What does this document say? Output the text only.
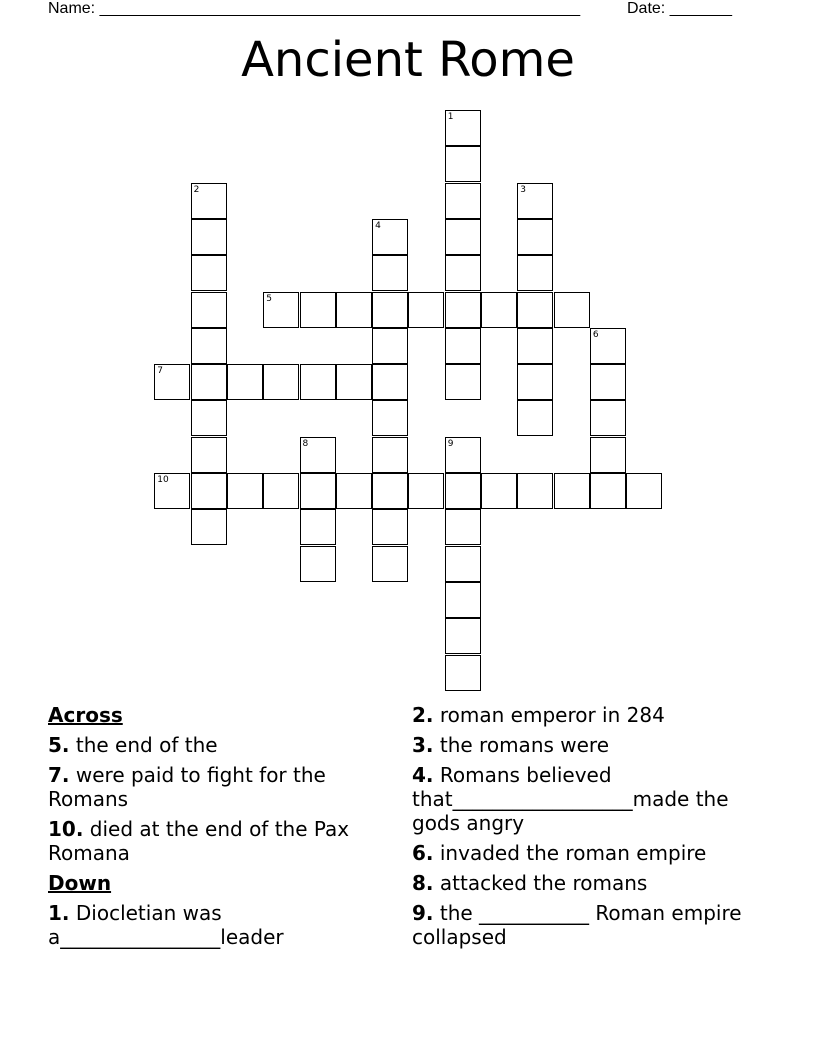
Name: ______________________________________________________	Date: _______
Ancient Rome
1
2	3
4
5
6
7
8	9
10
Across
5. the end of the
7. were paid to fight for the Romans
10. died at the end of the Pax Romana
Down
1. Diocletian was a________________leader
2. roman emperor in 284
3. the romans were
4. Romans believed that__________________made the gods angry
6. invaded the roman empire
8. attacked the romans
9. the ___________ Roman empire collapsed
